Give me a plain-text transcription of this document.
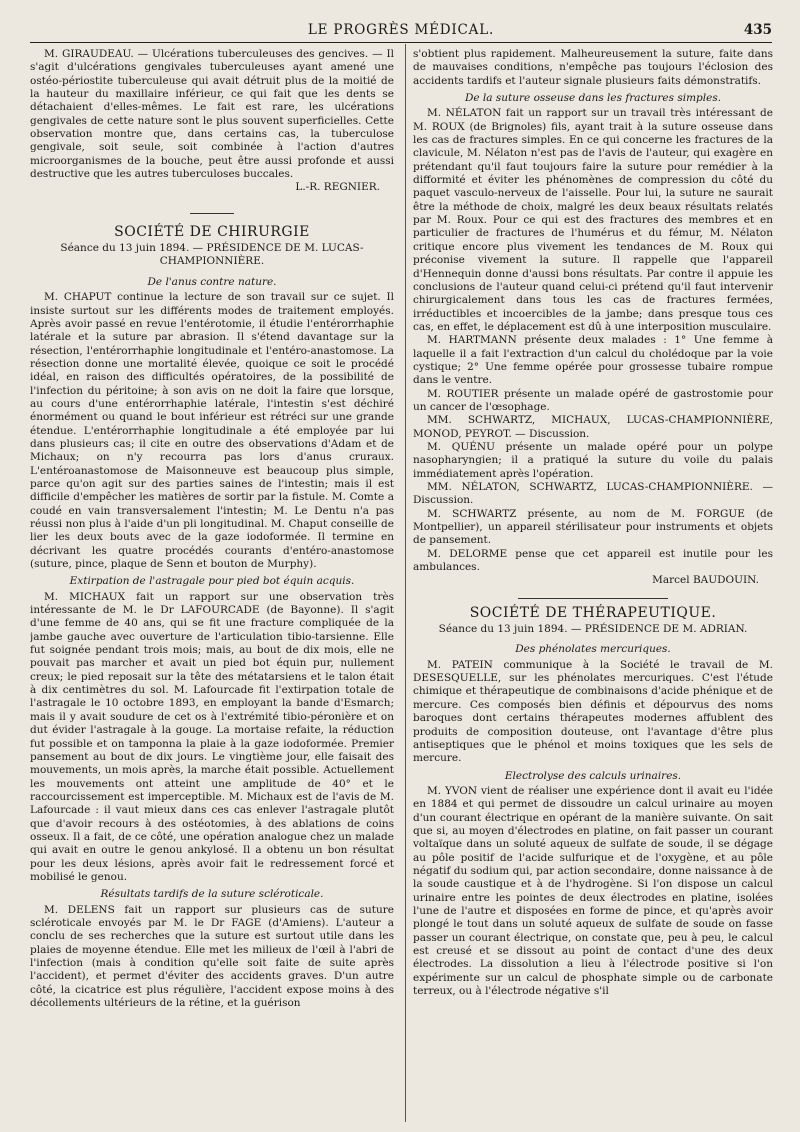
LE PROGRÈS MÉDICAL.	435

M. GIRAUDEAU. — Ulcérations tuberculeuses des gencives. — Il s'agit d'ulcérations gengivales tuberculeuses ayant amené une ostéo-périostite tuberculeuse qui avait détruit plus de la moitié de la hauteur du maxillaire inférieur, ce qui fait que les dents se détachaient d'elles-mêmes. Le fait est rare, les ulcérations gengivales de cette nature sont le plus souvent superficielles. Cette observation montre que, dans certains cas, la tuberculose gengivale, soit seule, soit combinée à l'action d'autres microorganismes de la bouche, peut être aussi profonde et aussi destructive que les autres tuberculoses buccales.

L.-R. REGNIER.

SOCIÉTÉ DE CHIRURGIE

Séance du 13 juin 1894. — PRÉSIDENCE DE M. LUCAS-CHAMPIONNIÈRE.

De l'anus contre nature.

M. CHAPUT continue la lecture de son travail sur ce sujet. Il insiste surtout sur les différents modes de traitement employés. Après avoir passé en revue l'entérotomie, il étudie l'entérorrhaphie latérale et la suture par abrasion. Il s'étend davantage sur la résection, l'entérorrhaphie longitudinale et l'entéro-anastomose. La résection donne une mortalité élevée, quoique ce soit le procédé idéal, en raison des difficultés opératoires, de la possibilité de l'infection du péritoine; à son avis on ne doit la faire que lorsque, au cours d'une entérorrhaphie latérale, l'intestin s'est déchiré énormément ou quand le bout inférieur est rétréci sur une grande étendue. L'entérorrhaphie longitudinale a été employée par lui dans plusieurs cas; il cite en outre des observations d'Adam et de Michaux; on n'y recourra pas lors d'anus cruraux. L'entéroanastomose de Maisonneuve est beaucoup plus simple, parce qu'on agit sur des parties saines de l'intestin; mais il est difficile d'empêcher les matières de sortir par la fistule. M. Comte a coudé en vain transversalement l'intestin; M. Le Dentu n'a pas réussi non plus à l'aide d'un pli longitudinal. M. Chaput conseille de lier les deux bouts avec de la gaze iodoformée. Il termine en décrivant les quatre procédés courants d'entéro-anastomose (suture, pince, plaque de Senn et bouton de Murphy).

Extirpation de l'astragale pour pied bot équin acquis.

M. MICHAUX fait un rapport sur une observation très intéressante de M. le Dr LAFOURCADE (de Bayonne). Il s'agit d'une femme de 40 ans, qui se fit une fracture compliquée de la jambe gauche avec ouverture de l'articulation tibio-tarsienne. Elle fut soignée pendant trois mois; mais, au bout de dix mois, elle ne pouvait pas marcher et avait un pied bot équin pur, nullement creux; le pied reposait sur la tête des métatarsiens et le talon était à dix centimètres du sol. M. Lafourcade fit l'extirpation totale de l'astragale le 10 octobre 1893, en employant la bande d'Esmarch; mais il y avait soudure de cet os à l'extrémité tibio-péronière et on dut évider l'astragale à la gouge. La mortaise refaite, la réduction fut possible et on tamponna la plaie à la gaze iodoformée. Premier pansement au bout de dix jours. Le vingtième jour, elle faisait des mouvements, un mois après, la marche était possible. Actuellement les mouvements ont atteint une amplitude de 40° et le raccourcissement est imperceptible. M. Michaux est de l'avis de M. Lafourcade : il vaut mieux dans ces cas enlever l'astragale plutôt que d'avoir recours à des ostéotomies, à des ablations de coins osseux. Il a fait, de ce côté, une opération analogue chez un malade qui avait en outre le genou ankylosé. Il a obtenu un bon résultat pour les deux lésions, après avoir fait le redressement forcé et mobilisé le genou.

Résultats tardifs de la suture scléroticale.

M. DELENS fait un rapport sur plusieurs cas de suture scléroticale envoyés par M. le Dr FAGE (d'Amiens). L'auteur a conclu de ses recherches que la suture est surtout utile dans les plaies de moyenne étendue. Elle met les milieux de l'œil à l'abri de l'infection (mais à condition qu'elle soit faite de suite après l'accident), et permet d'éviter des accidents graves. D'un autre côté, la cicatrice est plus régulière, l'accident expose moins à des décollements ultérieurs de la rétine, et la guérison

s'obtient plus rapidement. Malheureusement la suture, faite dans de mauvaises conditions, n'empêche pas toujours l'éclosion des accidents tardifs et l'auteur signale plusieurs faits démonstratifs.

De la suture osseuse dans les fractures simples.

M. NÉLATON fait un rapport sur un travail très intéressant de M. ROUX (de Brignoles) fils, ayant trait à la suture osseuse dans les cas de fractures simples. En ce qui concerne les fractures de la clavicule, M. Nélaton n'est pas de l'avis de l'auteur, qui exagère en prétendant qu'il faut toujours faire la suture pour remédier à la difformité et éviter les phénomènes de compression du côté du paquet vasculo-nerveux de l'aisselle. Pour lui, la suture ne saurait être la méthode de choix, malgré les deux beaux résultats relatés par M. Roux. Pour ce qui est des fractures des membres et en particulier de fractures de l'humérus et du fémur, M. Nélaton critique encore plus vivement les tendances de M. Roux qui préconise vivement la suture. Il rappelle que l'appareil d'Hennequin donne d'aussi bons résultats. Par contre il appuie les conclusions de l'auteur quand celui-ci prétend qu'il faut intervenir chirurgicalement dans tous les cas de fractures fermées, irréductibles et incoercibles de la jambe; dans presque tous ces cas, en effet, le déplacement est dû à une interposition musculaire.

M. HARTMANN présente deux malades : 1° Une femme à laquelle il a fait l'extraction d'un calcul du cholédoque par la voie cystique; 2° Une femme opérée pour grossesse tubaire rompue dans le ventre.

M. ROUTIER présente un malade opéré de gastrostomie pour un cancer de l'œsophage.

MM. SCHWARTZ, MICHAUX, LUCAS-CHAMPIONNIÈRE, MONOD, PEYROT. — Discussion.

M. QUÉNU présente un malade opéré pour un polype nasopharyngien; il a pratiqué la suture du voile du palais immédiatement après l'opération.

MM. NÉLATON, SCHWARTZ, LUCAS-CHAMPIONNIÈRE. — Discussion.

M. SCHWARTZ présente, au nom de M. FORGUE (de Montpellier), un appareil stérilisateur pour instruments et objets de pansement.

M. DELORME pense que cet appareil est inutile pour les ambulances.

Marcel BAUDOUIN.

SOCIÉTÉ DE THÉRAPEUTIQUE.

Séance du 13 juin 1894. — PRÉSIDENCE DE M. ADRIAN.

Des phénolates mercuriques.

M. PATEIN communique à la Société le travail de M. DESESQUELLE, sur les phénolates mercuriques. C'est l'étude chimique et thérapeutique de combinaisons d'acide phénique et de mercure. Ces composés bien définis et dépourvus des noms baroques dont certains thérapeutes modernes affublent des produits de composition douteuse, ont l'avantage d'être plus antiseptiques que le phénol et moins toxiques que les sels de mercure.

Electrolyse des calculs urinaires.

M. YVON vient de réaliser une expérience dont il avait eu l'idée en 1884 et qui permet de dissoudre un calcul urinaire au moyen d'un courant électrique en opérant de la manière suivante. On sait que si, au moyen d'électrodes en platine, on fait passer un courant voltaïque dans un soluté aqueux de sulfate de soude, il se dégage au pôle positif de l'acide sulfurique et de l'oxygène, et au pôle négatif du sodium qui, par action secondaire, donne naissance à de la soude caustique et à de l'hydrogène. Si l'on dispose un calcul urinaire entre les pointes de deux électrodes en platine, isolées l'une de l'autre et disposées en forme de pince, et qu'après avoir plongé le tout dans un soluté aqueux de sulfate de soude on fasse passer un courant électrique, on constate que, peu à peu, le calcul est creusé et se dissout au point de contact d'une des deux électrodes. La dissolution a lieu à l'électrode positive si l'on expérimente sur un calcul de phosphate simple ou de carbonate terreux, ou à l'électrode négative s'il
